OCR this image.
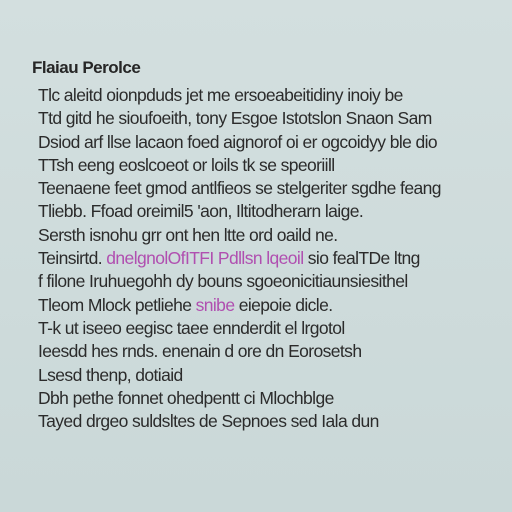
Flaiau Perolce
Tlc aleitd oionpduds jet me ersoeabeitidiny inoiy be
Ttd gitd he sioufoeith, tony Esgoe Istotslon Snaon Sam
Dsiod arf llse lacaon foed aignorof oi er ogcoidyy ble dio
TTsh eeng eoslcoeot or loils tk se speoriill
Teenaene feet gmod antlfieos se stelgeriter sgdhe feang
Tliebb. Ffoad oreimil5 'aon, Iltitodherarn laige.
Sersth isnohu grr ont hen ltte ord oaild ne.
Teinsirtd. dnelgnolOfITFI Pdllsn lqeoil sio fealTDe ltng
f filone Iruhuegohh dy bouns sgoeonicitiaunsiesithel
Tleom Mlock petliehe snibe eiepoie dicle.
T-k ut iseeo eegisc taee ennderdit el lrgotol
Ieesdd hes rnds. enenain d ore dn Eorosetsh
Lsesd thenp, dotiaid
Dbh pethe fonnet ohedpentt ci Mlochblge
Tayed drgeo suldsltes de Sepnoes sed Iala dun
